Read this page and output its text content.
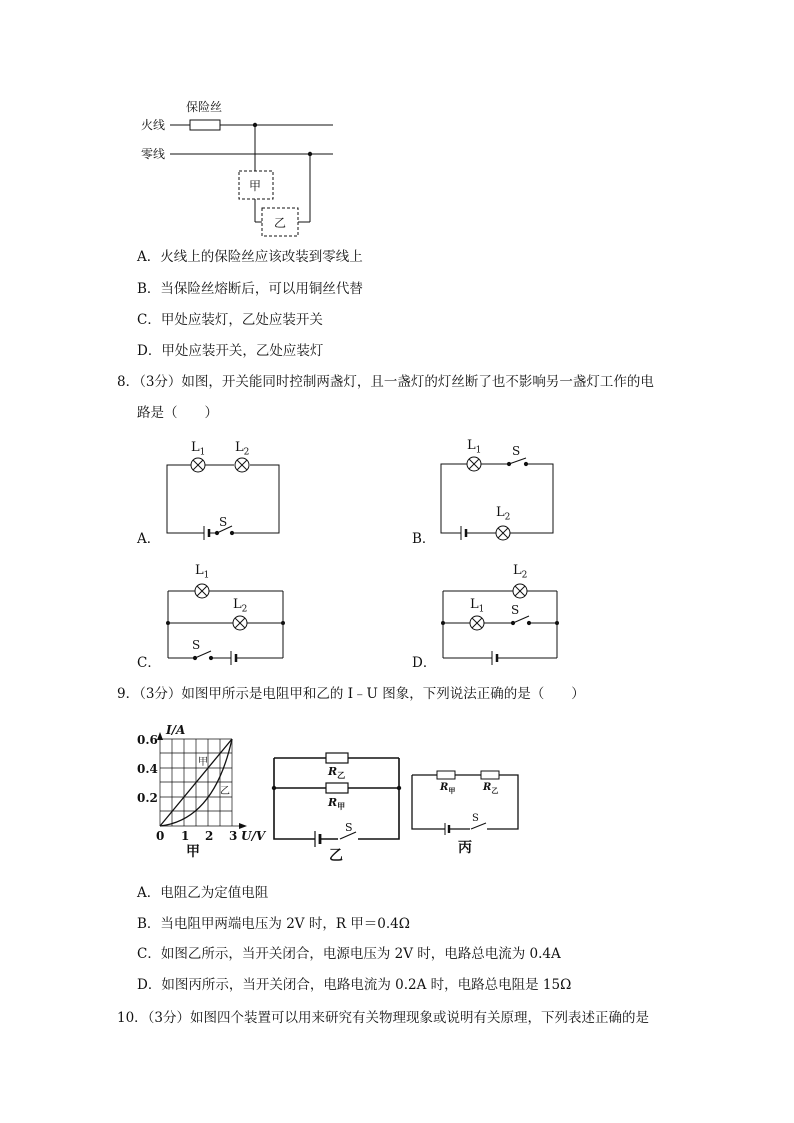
保险丝
火线
零线
甲
乙
A．火线上的保险丝应该改装到零线上
B．当保险丝熔断后，可以用铜丝代替
C．甲处应装灯，乙处应装开关
D．甲处应装开关，乙处应装灯
8．（3分）如图，开关能同时控制两盏灯，且一盏灯的灯丝断了也不影响另一盏灯工作的电
路是（　　）
$L_1$ $L_2$
S
A．
$L_1$	S
$L_2$
B．
$L_1$
$L_2$
S
C．
$L_2$
$L_1$ S
D．
9．（3分）如图甲所示是电阻甲和乙的 I﹣U 图象，下列说法正确的是（　　）
I/A
0.6
0.4
0.2
0 1 2 3 U/V
甲
乙
甲
$R_乙$
$R_甲$
S
乙
$R_甲$	$R_乙$
S
丙
A．电阻乙为定值电阻
B．当电阻甲两端电压为 2V 时，R 甲＝0.4Ω
C．如图乙所示，当开关闭合，电源电压为 2V 时，电路总电流为 0.4A
D．如图丙所示，当开关闭合，电路电流为 0.2A 时，电路总电阻是 15Ω
10．（3分）如图四个装置可以用来研究有关物理现象或说明有关原理，下列表述正确的是
